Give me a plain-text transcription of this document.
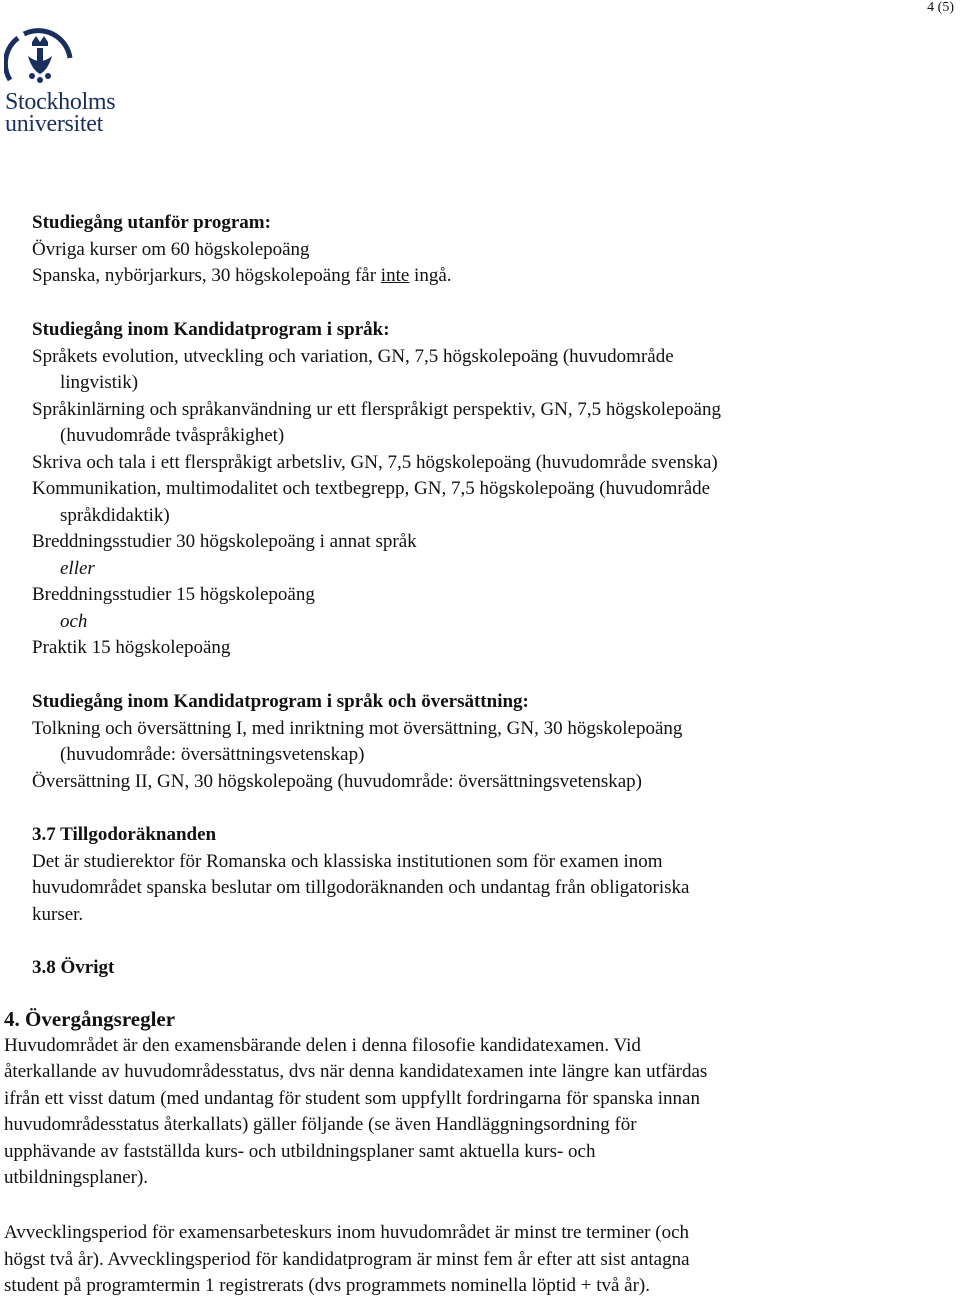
4 (5)
Stockholms
universitet

Studiegång utanför program:

Övriga kurser om 60 högskolepoäng

Spanska, nybörjarkurs, 30 högskolepoäng får inte ingå.

Studiegång inom Kandidatprogram i språk:

Språkets evolution, utveckling och variation, GN, 7,5 högskolepoäng (huvudområde

lingvistik)

Språkinlärning och språkanvändning ur ett flerspråkigt perspektiv, GN, 7,5 högskolepoäng

(huvudområde tvåspråkighet)

Skriva och tala i ett flerspråkigt arbetsliv, GN, 7,5 högskolepoäng (huvudområde svenska)

Kommunikation, multimodalitet och textbegrepp, GN, 7,5 högskolepoäng (huvudområde

språkdidaktik)

Breddningsstudier 30 högskolepoäng i annat språk

eller

Breddningsstudier 15 högskolepoäng

och

Praktik 15 högskolepoäng

Studiegång inom Kandidatprogram i språk och översättning:

Tolkning och översättning I, med inriktning mot översättning, GN, 30 högskolepoäng

(huvudområde: översättningsvetenskap)

Översättning II, GN, 30 högskolepoäng (huvudområde: översättningsvetenskap)

3.7 Tillgodoräknanden

Det är studierektor för Romanska och klassiska institutionen som för examen inom

huvudområdet spanska beslutar om tillgodoräknanden och undantag från obligatoriska

kurser.

3.8 Övrigt

4. Övergångsregler

Huvudområdet är den examensbärande delen i denna filosofie kandidatexamen. Vid

återkallande av huvudområdesstatus, dvs när denna kandidatexamen inte längre kan utfärdas

ifrån ett visst datum (med undantag för student som uppfyllt fordringarna för spanska innan

huvudområdesstatus återkallats) gäller följande (se även Handläggningsordning för

upphävande av fastställda kurs- och utbildningsplaner samt aktuella kurs- och

utbildningsplaner).

Avvecklingsperiod för examensarbeteskurs inom huvudområdet är minst tre terminer (och

högst två år). Avvecklingsperiod för kandidatprogram är minst fem år efter att sist antagna

student på programtermin 1 registrerats (dvs programmets nominella löptid + två år).
